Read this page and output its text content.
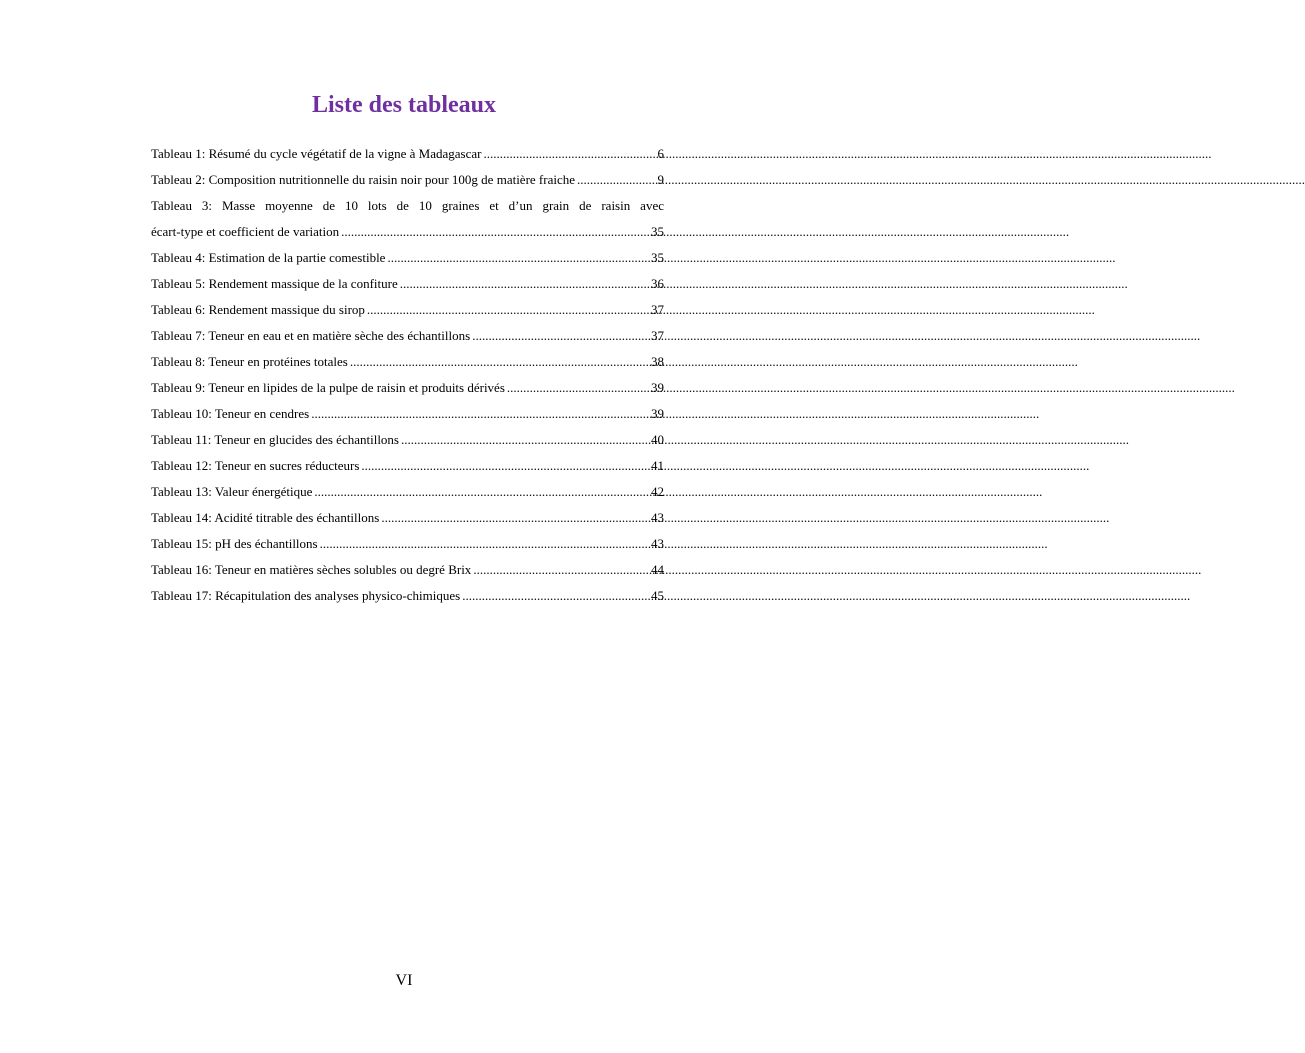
Liste des tableaux
Tableau 1: Résumé du cycle végétatif de la vigne à Madagascar .....	6
Tableau 2: Composition nutritionnelle du raisin noir pour 100g de matière fraiche .....	9
Tableau 3: Masse moyenne de 10 lots de 10 graines et d’un grain de raisin avec
écart-type et coefficient de variation .....	35
Tableau 4: Estimation de la partie comestible .....	35
Tableau 5: Rendement massique de la confiture .....	36
Tableau 6: Rendement massique du sirop .....	37
Tableau 7: Teneur en eau et en matière sèche des échantillons .....	37
Tableau 8: Teneur en protéines totales .....	38
Tableau 9: Teneur en lipides de la pulpe de raisin et produits dérivés .....	39
Tableau 10: Teneur en cendres .....	39
Tableau 11: Teneur en glucides des échantillons .....	40
Tableau 12: Teneur en sucres réducteurs .....	41
Tableau 13: Valeur énergétique .....	42
Tableau 14: Acidité titrable des échantillons .....	43
Tableau 15: pH des échantillons .....	43
Tableau 16: Teneur en matières sèches solubles ou degré Brix .....	44
Tableau 17: Récapitulation des analyses physico-chimiques .....	45
VI
